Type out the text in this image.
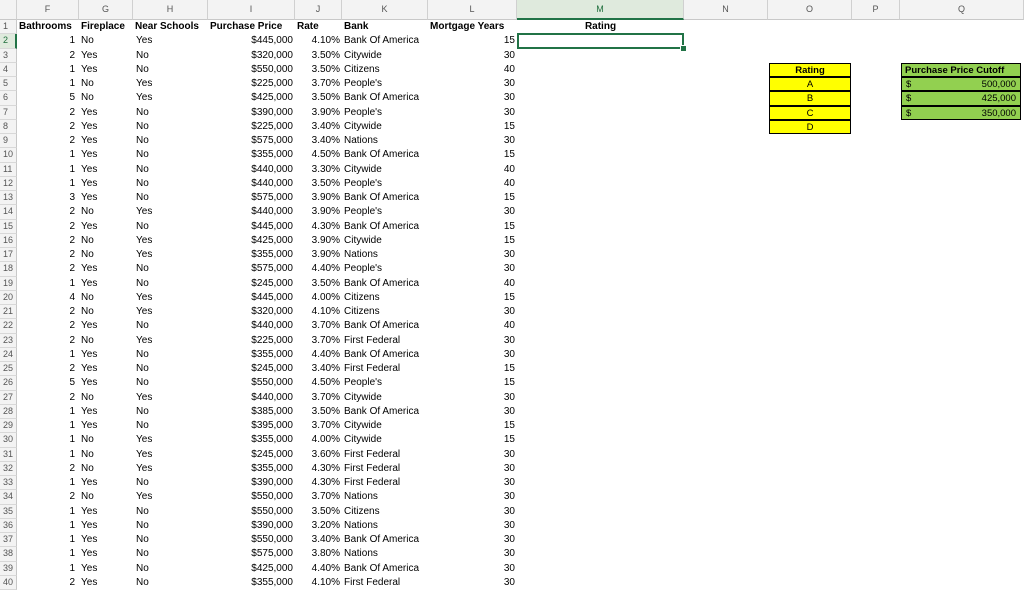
F	G	H	I	J	K	L	M	N	O	P	Q
1
2
3
4
5
6
7
8
9
10
11
12
13
14
15
16
17
18
19
20
21
22
23
24
25
26
27
28
29
30
31
32
33
34
35
36
37
38
39
40
Bathrooms Fireplace	Near Schools	Purchase Price	Rate	Bank	Mortgage Years	Rating
1 No	Yes	$445,000	4.10% Bank Of America	15
2 Yes	No	$320,000	3.50% Citywide	30
1 Yes	No	$550,000	3.50% Citizens	40
1 No	Yes	$225,000	3.70% People's	30
5 No	Yes	$425,000	3.50% Bank Of America	30
2 Yes	No	$390,000	3.90% People's	30
2 Yes	No	$225,000	3.40% Citywide	15
2 Yes	No	$575,000	3.40% Nations	30
1 Yes	No	$355,000	4.50% Bank Of America	15
1 Yes	No	$440,000	3.30% Citywide	40
1 Yes	No	$440,000	3.50% People's	40
3 Yes	No	$575,000	3.90% Bank Of America	15
2 No	Yes	$440,000	3.90% People's	30
2 Yes	No	$445,000	4.30% Bank Of America	15
2 No	Yes	$425,000	3.90% Citywide	15
2 No	Yes	$355,000	3.90% Nations	30
2 Yes	No	$575,000	4.40% People's	30
1 Yes	No	$245,000	3.50% Bank Of America	40
4 No	Yes	$445,000	4.00% Citizens	15
2 No	Yes	$320,000	4.10% Citizens	30
2 Yes	No	$440,000	3.70% Bank Of America	40
2 No	Yes	$225,000	3.70% First Federal	30
1 Yes	No	$355,000	4.40% Bank Of America	30
2 Yes	No	$245,000	3.40% First Federal	15
5 Yes	No	$550,000	4.50% People's	15
2 No	Yes	$440,000	3.70% Citywide	30
1 Yes	No	$385,000	3.50% Bank Of America	30
1 Yes	No	$395,000	3.70% Citywide	15
1 No	Yes	$355,000	4.00% Citywide	15
1 No	Yes	$245,000	3.60% First Federal	30
2 No	Yes	$355,000	4.30% First Federal	30
1 Yes	No	$390,000	4.30% First Federal	30
2 No	Yes	$550,000	3.70% Nations	30
1 Yes	No	$550,000	3.50% Citizens	30
1 Yes	No	$390,000	3.20% Nations	30
1 Yes	No	$550,000	3.40% Bank Of America	30
1 Yes	No	$575,000	3.80% Nations	30
1 Yes	No	$425,000	4.40% Bank Of America	30
2 Yes	No	$355,000	4.10% First Federal	30
Rating
A
B
C
D
Purchase Price Cutoff
$	500,000
$	425,000
$	350,000
